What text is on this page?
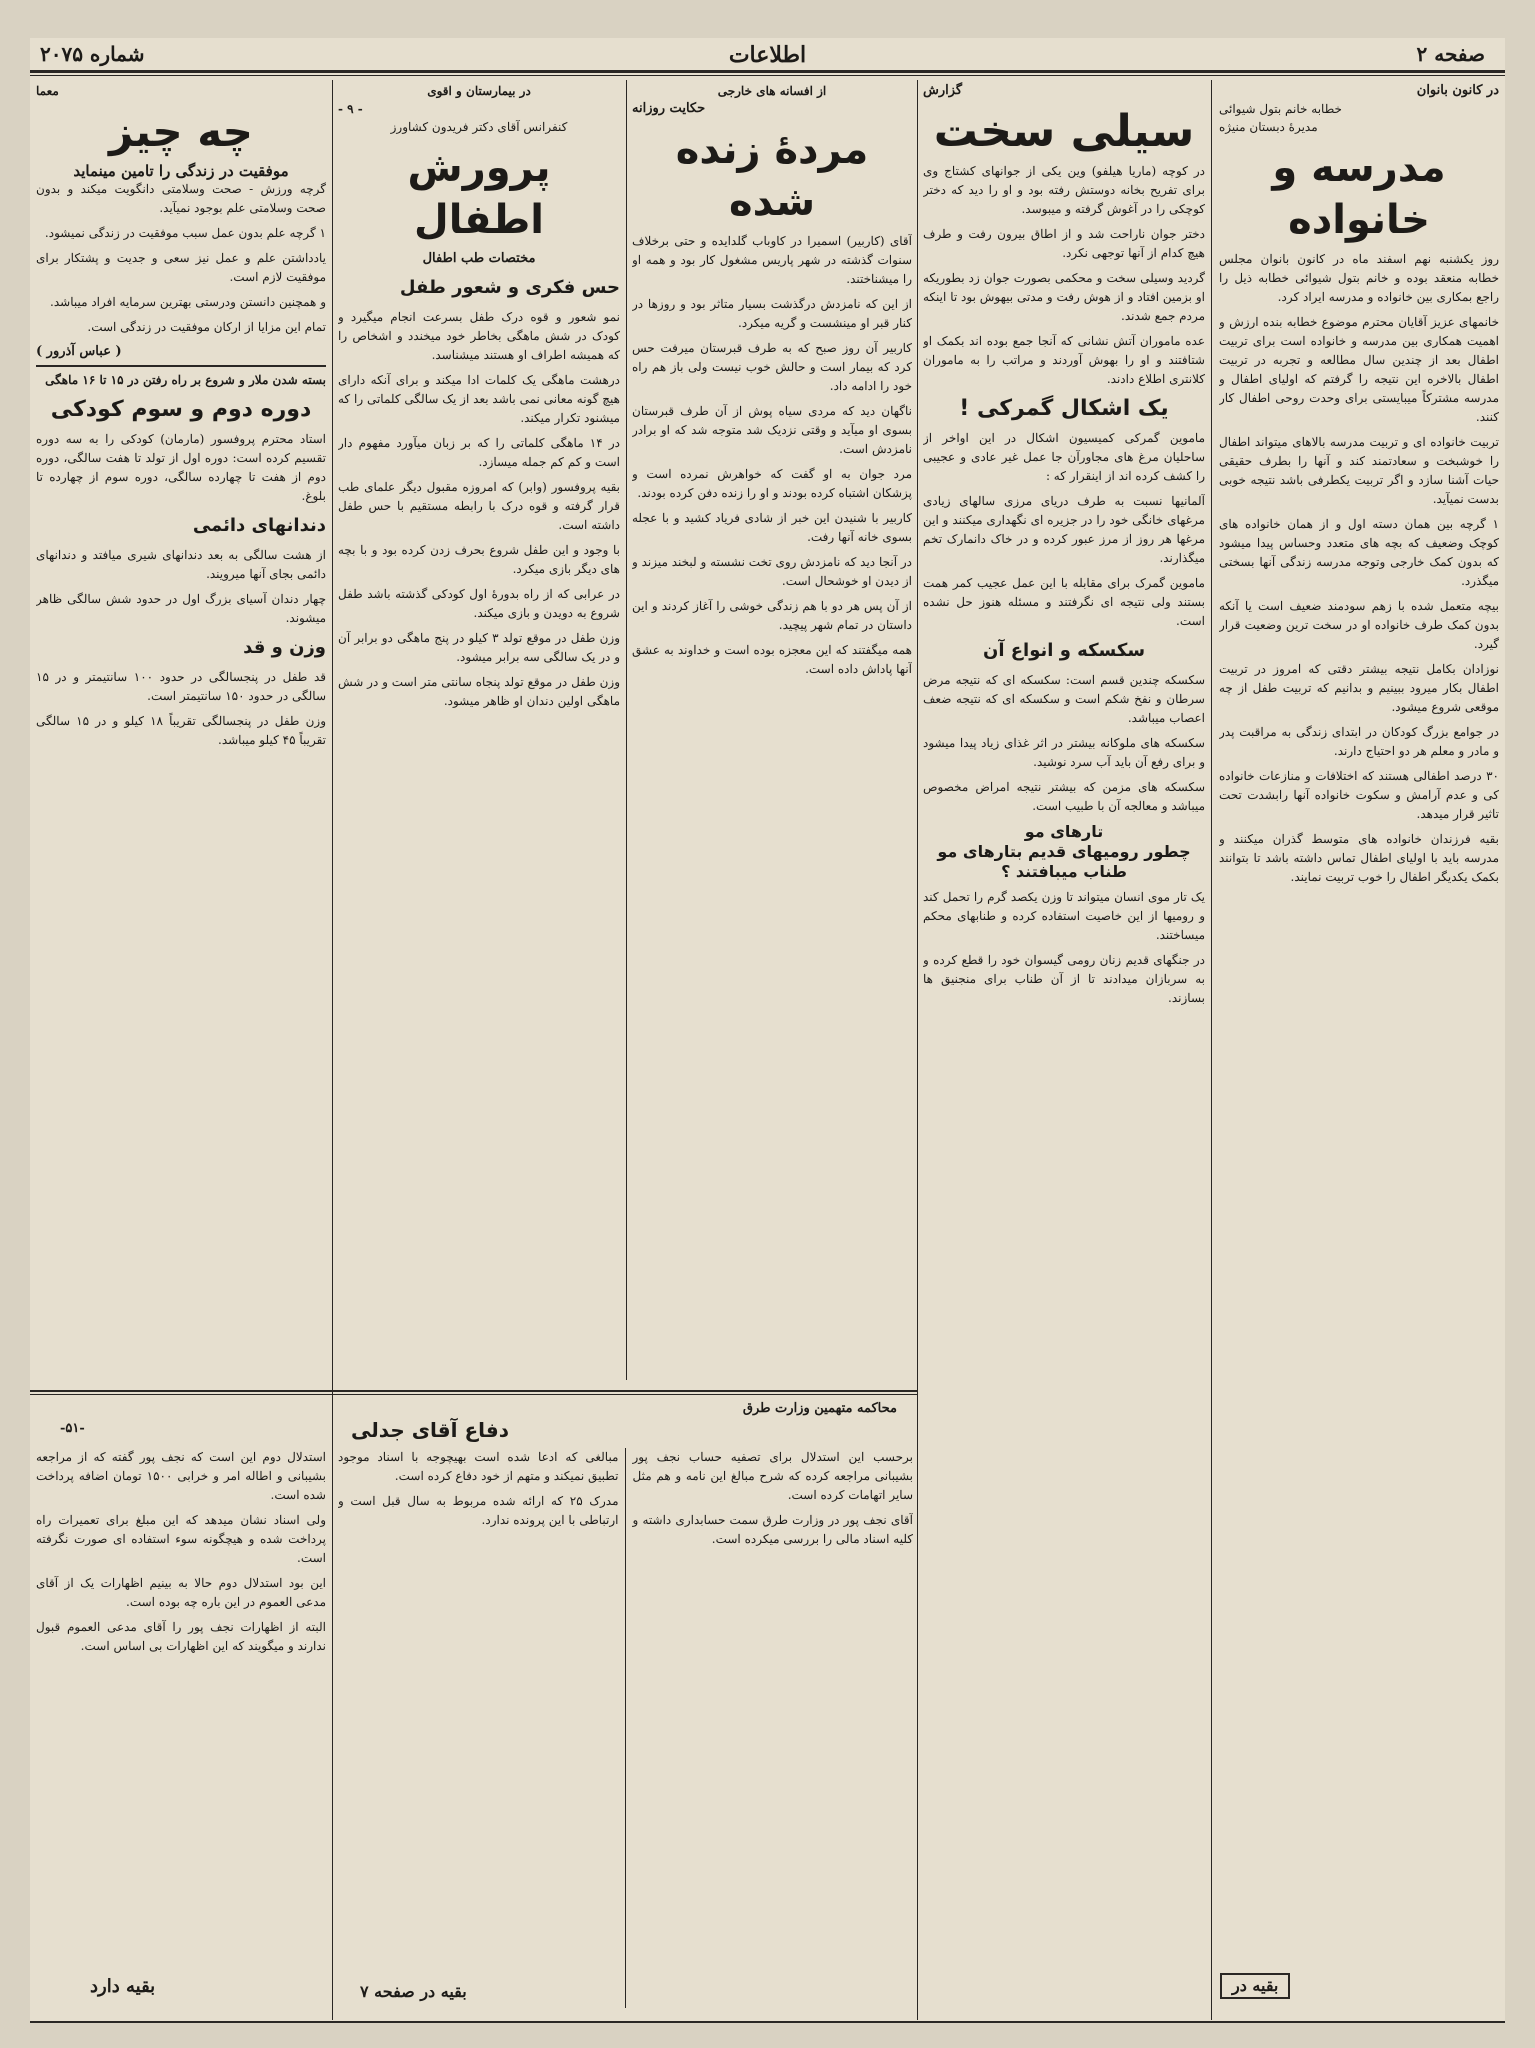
صفحه ۲
اطلاعات
شماره ۲۰۷۵
در کانون بانوان
خطابه خانم بتول شیوائی
مدیرهٔ دبستان منیژه
مدرسه و خانواده

روز یکشنبه نهم اسفند ماه در کانون بانوان مجلس خطابه منعقد بوده و خانم بتول شیوائی خطابه ذیل را راجع بمکاری بین خانواده و مدرسه ایراد کرد.

خانمهای عزیز آقایان محترم موضوع خطابه بنده ارزش و اهمیت همکاری بین مدرسه و خانواده است برای تربیت اطفال بعد از چندین سال مطالعه و تجربه در تربیت اطفال بالاخره این نتیجه را گرفتم که اولیای اطفال و مدرسه مشترکاً میبایستی برای وحدت روحی اطفال کار کنند.

تربیت خانواده ای و تربیت مدرسه بالاهای میتواند اطفال را خوشبخت و سعادتمند کند و آنها را بطرف حقیقی حیات آشنا سازد و اگر تربیت یکطرفی باشد نتیجه خوبی بدست نمیآید.

۱ گرچه بین همان دسته اول و از همان خانواده های کوچک وضعیف که بچه های متعدد وحساس پیدا میشود که بدون کمک خارجی وتوجه مدرسه زندگی آنها بسختی میگذرد.

بیچه متعمل شده با زهم سودمند ضعیف است یا آنکه بدون کمک طرف خانواده او در سخت ترین وضعیت قرار گیرد.

نوزادان بکامل نتیجه بیشتر دقتی که امروز در تربیت اطفال بکار میرود ببینیم و بدانیم که تربیت طفل از چه موقعی شروع میشود.

در جوامع بزرگ کودکان در ابتدای زندگی به مراقبت پدر و مادر و معلم هر دو احتیاج دارند.

۳۰ درصد اطفالی هستند که اختلافات و منازعات خانواده کی و عدم آرامش و سکوت خانواده آنها رابشدت تحت تاثیر قرار میدهد.

بقیه فرزندان خانواده های متوسط گذران میکنند و مدرسه باید با اولیای اطفال تماس داشته باشد تا بتوانند بکمک یکدیگر اطفال را خوب تربیت نمایند.

بقیه در
گزارش
سیلی سخت

در کوچه (ماریا هیلفو) وین یکی از جوانهای کشتاج وی برای تفریح بخانه دوستش رفته بود و او را دید که دختر کوچکی را در آغوش گرفته و میبوسد.

دختر جوان ناراحت شد و از اطاق بیرون رفت و طرف هیچ کدام از آنها توجهی نکرد.

گردید وسیلی سخت و محکمی بصورت جوان زد بطوریکه او بزمین افتاد و از هوش رفت و مدتی بیهوش بود تا اینکه مردم جمع شدند.

عده ماموران آتش نشانی که آنجا جمع بوده اند بکمک او شتافتند و او را بهوش آوردند و مراتب را به ماموران کلانتری اطلاع دادند.

یک اشکال گمرکی !

ماموین گمرکی کمیسیون اشکال در این اواخر از ساحلیان مرغ های مجاورآن جا عمل غیر عادی و عجیبی را کشف کرده اند از اینقرار که :

آلمانیها نسبت به طرف دریای مرزی سالهای زیادی مرغهای خانگی خود را در جزیره ای نگهداری میکنند و این مرغها هر روز از مرز عبور کرده و در خاک دانمارک تخم میگذارند.

ماموین گمرک برای مقابله با این عمل عجیب کمر همت بستند ولی نتیجه ای نگرفتند و مسئله هنوز حل نشده است.

سکسکه و انواع آن

سکسکه چندین قسم است: سکسکه ای که نتیجه مرض سرطان و نفخ شکم است و سکسکه ای که نتیجه ضعف اعصاب میباشد.

سکسکه های ملوکانه بیشتر در اثر غذای زیاد پیدا میشود و برای رفع آن باید آب سرد نوشید.

سکسکه های مزمن که بیشتر نتیجه امراض مخصوص میباشد و معالجه آن با طبیب است.

تارهای مو
چطور رومیهای قدیم بتارهای مو طناب میبافتند ؟

یک تار موی انسان میتواند تا وزن یکصد گرم را تحمل کند و رومیها از این خاصیت استفاده کرده و طنابهای محکم میساختند.

در جنگهای قدیم زنان رومی گیسوان خود را قطع کرده و به سربازان میدادند تا از آن طناب برای منجنیق ها بسازند.

از افسانه های خارجی
حکایت روزانه
مردهٔ زنده شده

آقای (کاربیر) اسمیرا در کاوباب گلدایده و حتی برخلاف سنوات گذشته در شهر پاریس مشغول کار بود و همه او را میشناختند.

از این که نامزدش درگذشت بسیار متاثر بود و روزها در کنار قبر او مینشست و گریه میکرد.

کاربیر آن روز صبح که به طرف قبرستان میرفت حس کرد که بیمار است و حالش خوب نیست ولی باز هم راه خود را ادامه داد.

ناگهان دید که مردی سیاه پوش از آن طرف قبرستان بسوی او میآید و وقتی نزدیک شد متوجه شد که او برادر نامزدش است.

مرد جوان به او گفت که خواهرش نمرده است و پزشکان اشتباه کرده بودند و او را زنده دفن کرده بودند.

کاربیر با شنیدن این خبر از شادی فریاد کشید و با عجله بسوی خانه آنها رفت.

در آنجا دید که نامزدش روی تخت نشسته و لبخند میزند و از دیدن او خوشحال است.

از آن پس هر دو با هم زندگی خوشی را آغاز کردند و این داستان در تمام شهر پیچید.

همه میگفتند که این معجزه بوده است و خداوند به عشق آنها پاداش داده است.

در بیمارستان و اقوی
- ۹ -
کنفرانس آقای دکتر فریدون کشاورز
پرورش اطفال
مختصات طب اطفال
حس فکری و شعور طفل

نمو شعور و قوه درک طفل بسرعت انجام میگیرد و کودک در شش ماهگی بخاطر خود میخندد و اشخاص را که همیشه اطراف او هستند میشناسد.

درهشت ماهگی یک کلمات ادا میکند و برای آنکه دارای هیچ گونه معانی نمی باشد بعد از یک سالگی کلماتی را که میشنود تکرار میکند.

در ۱۴ ماهگی کلماتی را که بر زبان میآورد مفهوم دار است و کم کم جمله میسازد.

بقیه پروفسور (وابر) که امروزه مقبول دیگر علمای طب قرار گرفته و قوه درک با رابطه مستقیم با حس طفل داشته است.

با وجود و این طفل شروع بحرف زدن کرده بود و با بچه های دیگر بازی میکرد.

در عرابی که از راه بدورهٔ اول کودکی گذشته باشد طفل شروع به دویدن و بازی میکند.

وزن طفل در موقع تولد ۳ کیلو در پنج ماهگی دو برابر آن و در یک سالگی سه برابر میشود.

وزن طفل در موقع تولد پنجاه سانتی متر است و در شش ماهگی اولین دندان او ظاهر میشود.

معما
چه چیز
موفقیت در زندگی را تامین مینماید

گرچه ورزش - صحت وسلامتی دانگویت میکند و بدون صحت وسلامتی علم بوجود نمیآید.

۱ گرچه علم بدون عمل سبب موفقیت در زندگی نمیشود.

یادداشتن علم و عمل نیز سعی و جدیت و پشتکار برای موفقیت لازم است.

و همچنین دانستن ودرستی بهترین سرمایه افراد میباشد.

تمام این مزایا از ارکان موفقیت در زندگی است.

( عباس آذرور )

بسته شدن ملار و شروع بر راه رفتن در ۱۵ تا ۱۶ ماهگی

دوره دوم و سوم کودکی

استاد محترم پروفسور (مارمان) کودکی را به سه دوره تقسیم کرده است: دوره اول از تولد تا هفت سالگی، دوره دوم از هفت تا چهارده سالگی، دوره سوم از چهارده تا بلوغ.

دندانهای دائمی

از هشت سالگی به بعد دندانهای شیری میافتد و دندانهای دائمی بجای آنها میرویند.

چهار دندان آسیای بزرگ اول در حدود شش سالگی ظاهر میشوند.

وزن و قد

قد طفل در پنجسالگی در حدود ۱۰۰ سانتیمتر و در ۱۵ سالگی در حدود ۱۵۰ سانتیمتر است.

وزن طفل در پنجسالگی تقریباً ۱۸ کیلو و در ۱۵ سالگی تقریباً ۴۵ کیلو میباشد.

محاکمه متهمین وزارت طرق
دفاع آقای جدلی
-۵۱-

برحسب این استدلال برای تصفیه حساب نجف پور بشیبانی مراجعه کرده که شرح مبالغ این نامه و هم مثل سایر اتهامات کرده است.

آقای نجف پور در وزارت طرق سمت حسابداری داشته و کلیه اسناد مالی را بررسی میکرده است.

مبالغی که ادعا شده است بهیچوجه با اسناد موجود تطبیق نمیکند و متهم از خود دفاع کرده است.

مدرک ۲۵ که ارائه شده مربوط به سال قبل است و ارتباطی با این پرونده ندارد.

استدلال دوم این است که نجف پور گفته که از مراجعه بشیبانی و اطاله امر و خرابی ۱۵۰۰ تومان اضافه پرداخت شده است.

ولی اسناد نشان میدهد که این مبلغ برای تعمیرات راه پرداخت شده و هیچگونه سوء استفاده ای صورت نگرفته است.

این بود استدلال دوم حالا به بینیم اظهارات یک از آقای مدعی العموم در این باره چه بوده است.

البته از اظهارات نجف پور را آقای مدعی العموم قبول ندارند و میگویند که این اظهارات بی اساس است.

بقیه دارد	بقیه در صفحه ۷
